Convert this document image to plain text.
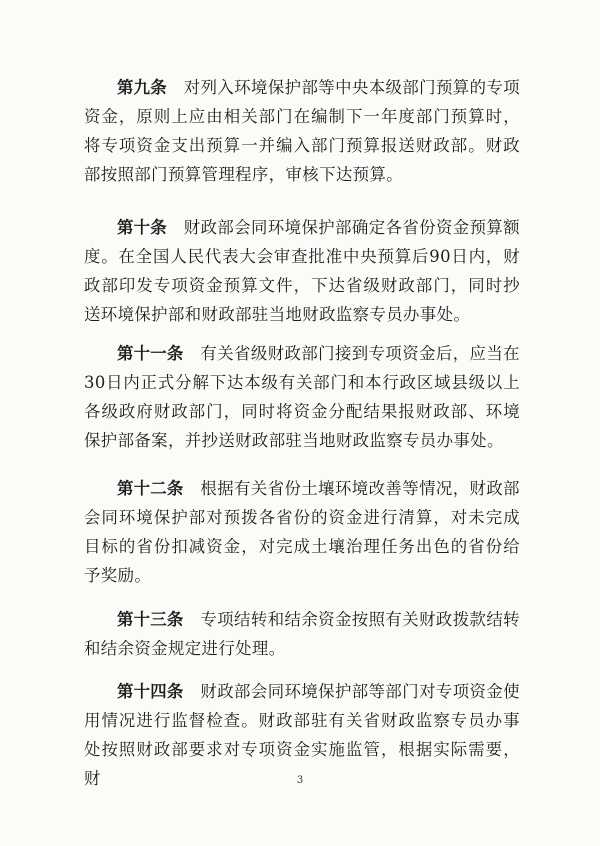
第九条 对列入环境保护部等中央本级部门预算的专项资金，原则上应由相关部门在编制下一年度部门预算时，将专项资金支出预算一并编入部门预算报送财政部。财政部按照部门预算管理程序，审核下达预算。
第十条 财政部会同环境保护部确定各省份资金预算额度。在全国人民代表大会审查批准中央预算后90日内，财政部印发专项资金预算文件，下达省级财政部门，同时抄送环境保护部和财政部驻当地财政监察专员办事处。
第十一条 有关省级财政部门接到专项资金后，应当在30日内正式分解下达本级有关部门和本行政区域县级以上各级政府财政部门，同时将资金分配结果报财政部、环境保护部备案，并抄送财政部驻当地财政监察专员办事处。
第十二条 根据有关省份土壤环境改善等情况，财政部会同环境保护部对预拨各省份的资金进行清算，对未完成目标的省份扣减资金，对完成土壤治理任务出色的省份给予奖励。
第十三条 专项结转和结余资金按照有关财政拨款结转和结余资金规定进行处理。
第十四条 财政部会同环境保护部等部门对专项资金使用情况进行监督检查。财政部驻有关省财政监察专员办事处按照财政部要求对专项资金实施监管，根据实际需要，财	3
